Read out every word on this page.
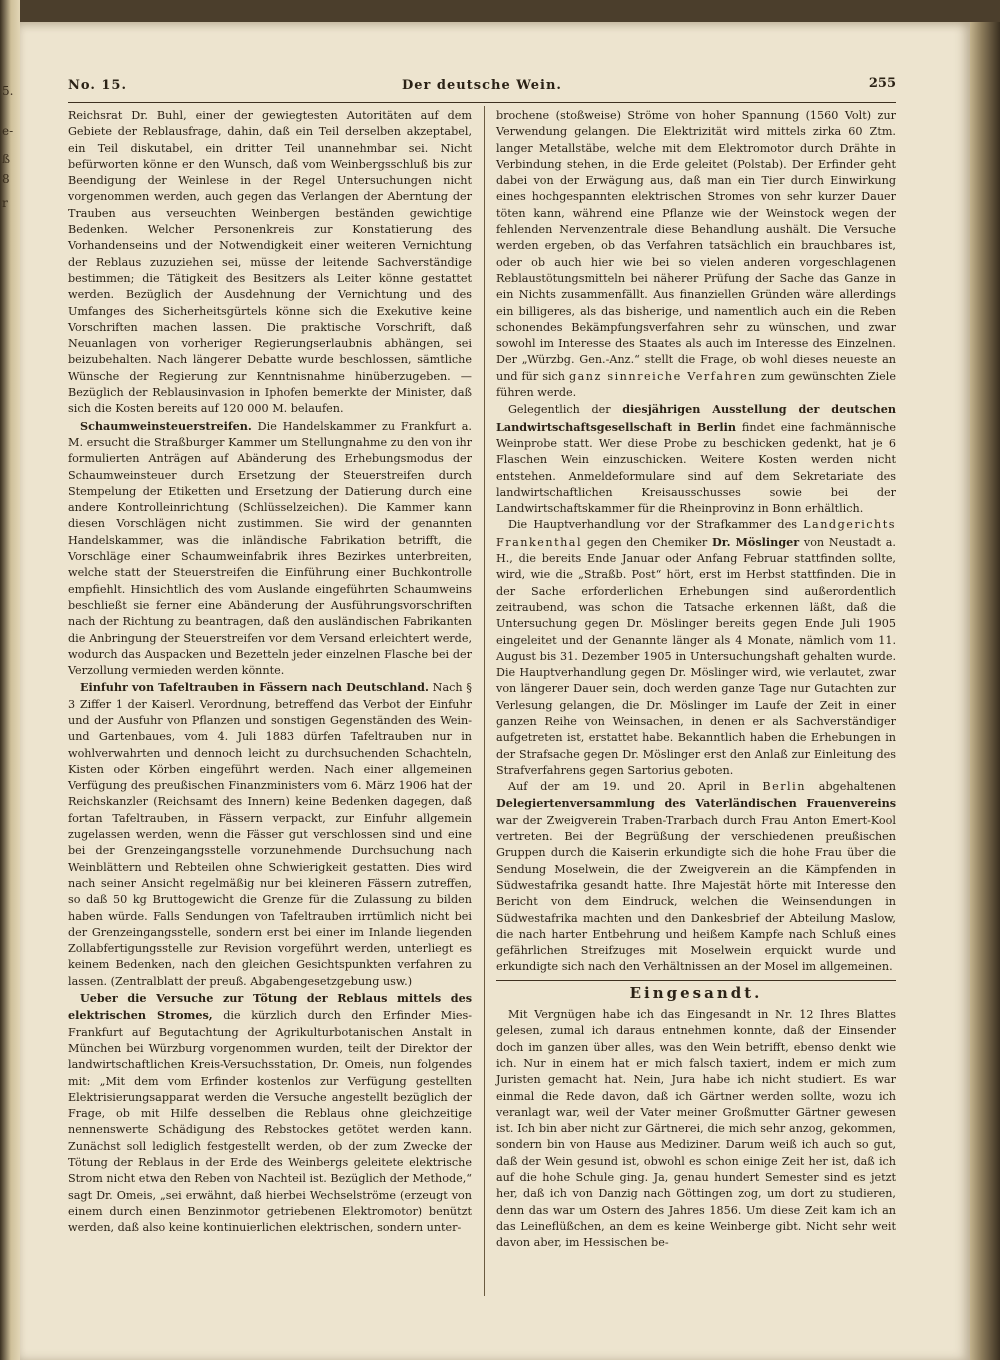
5.
e-
ß
8
r
No. 15.	Der deutsche Wein.	255

Reichsrat Dr. Buhl, einer der gewiegtesten Autoritäten auf dem Gebiete der Reblausfrage, dahin, daß ein Teil derselben akzeptabel, ein Teil diskutabel, ein dritter Teil unannehmbar sei. Nicht befürworten könne er den Wunsch, daß vom Weinbergsschluß bis zur Beendigung der Weinlese in der Regel Untersuchungen nicht vorgenommen werden, auch gegen das Verlangen der Aberntung der Trauben aus verseuchten Weinbergen beständen gewichtige Bedenken. Welcher Personenkreis zur Konstatierung des Vorhandenseins und der Notwendigkeit einer weiteren Vernichtung der Reblaus zuzuziehen sei, müsse der leitende Sachverständige bestimmen; die Tätigkeit des Besitzers als Leiter könne gestattet werden. Bezüglich der Ausdehnung der Vernichtung und des Umfanges des Sicherheitsgürtels könne sich die Exekutive keine Vorschriften machen lassen. Die praktische Vorschrift, daß Neuanlagen von vorheriger Regierungserlaubnis abhängen, sei beizubehalten. Nach längerer Debatte wurde beschlossen, sämtliche Wünsche der Regierung zur Kenntnisnahme hinüberzugeben. — Bezüglich der Reblausinvasion in Iphofen bemerkte der Minister, daß sich die Kosten bereits auf 120 000 M. belaufen.

Schaumweinsteuerstreifen. Die Handelskammer zu Frankfurt a. M. ersucht die Straßburger Kammer um Stellungnahme zu den von ihr formulierten Anträgen auf Abänderung des Erhebungsmodus der Schaumweinsteuer durch Ersetzung der Steuerstreifen durch Stempelung der Etiketten und Ersetzung der Datierung durch eine andere Kontrolleinrichtung (Schlüsselzeichen). Die Kammer kann diesen Vorschlägen nicht zustimmen. Sie wird der genannten Handelskammer, was die inländische Fabrikation betrifft, die Vorschläge einer Schaumweinfabrik ihres Bezirkes unterbreiten, welche statt der Steuerstreifen die Einführung einer Buchkontrolle empfiehlt. Hinsichtlich des vom Auslande eingeführten Schaumweins beschließt sie ferner eine Abänderung der Ausführungsvorschriften nach der Richtung zu beantragen, daß den ausländischen Fabrikanten die Anbringung der Steuerstreifen vor dem Versand erleichtert werde, wodurch das Auspacken und Bezetteln jeder einzelnen Flasche bei der Verzollung vermieden werden könnte.

Einfuhr von Tafeltrauben in Fässern nach Deutschland. Nach § 3 Ziffer 1 der Kaiserl. Verordnung, betreffend das Verbot der Einfuhr und der Ausfuhr von Pflanzen und sonstigen Gegenständen des Wein- und Gartenbaues, vom 4. Juli 1883 dürfen Tafeltrauben nur in wohlverwahrten und dennoch leicht zu durchsuchenden Schachteln, Kisten oder Körben eingeführt werden. Nach einer allgemeinen Verfügung des preußischen Finanzministers vom 6. März 1906 hat der Reichskanzler (Reichsamt des Innern) keine Bedenken dagegen, daß fortan Tafeltrauben, in Fässern verpackt, zur Einfuhr allgemein zugelassen werden, wenn die Fässer gut verschlossen sind und eine bei der Grenzeingangsstelle vorzunehmende Durchsuchung nach Weinblättern und Rebteilen ohne Schwierigkeit gestatten. Dies wird nach seiner Ansicht regelmäßig nur bei kleineren Fässern zutreffen, so daß 50 kg Bruttogewicht die Grenze für die Zulassung zu bilden haben würde. Falls Sendungen von Tafeltrauben irrtümlich nicht bei der Grenzeingangsstelle, sondern erst bei einer im Inlande liegenden Zollabfertigungsstelle zur Revision vorgeführt werden, unterliegt es keinem Bedenken, nach den gleichen Gesichtspunkten verfahren zu lassen. (Zentralblatt der preuß. Abgabengesetzgebung usw.)

Ueber die Versuche zur Tötung der Reblaus mittels des elektrischen Stromes, die kürzlich durch den Erfinder Mies-Frankfurt auf Begutachtung der Agrikulturbotanischen Anstalt in München bei Würzburg vorgenommen wurden, teilt der Direktor der landwirtschaftlichen Kreis-Versuchsstation, Dr. Omeis, nun folgendes mit: „Mit dem vom Erfinder kostenlos zur Verfügung gestellten Elektrisierungsapparat werden die Versuche angestellt bezüglich der Frage, ob mit Hilfe desselben die Reblaus ohne gleichzeitige nennenswerte Schädigung des Rebstockes getötet werden kann. Zunächst soll lediglich festgestellt werden, ob der zum Zwecke der Tötung der Reblaus in der Erde des Weinbergs geleitete elektrische Strom nicht etwa den Reben von Nachteil ist. Bezüglich der Methode,“ sagt Dr. Omeis, „sei erwähnt, daß hierbei Wechselströme (erzeugt von einem durch einen Benzinmotor getriebenen Elektromotor) benützt werden, daß also keine kontinuierlichen elektrischen, sondern unter-

brochene (stoßweise) Ströme von hoher Spannung (1560 Volt) zur Verwendung gelangen. Die Elektrizität wird mittels zirka 60 Ztm. langer Metallstäbe, welche mit dem Elektromotor durch Drähte in Verbindung stehen, in die Erde geleitet (Polstab). Der Erfinder geht dabei von der Erwägung aus, daß man ein Tier durch Einwirkung eines hochgespannten elektrischen Stromes von sehr kurzer Dauer töten kann, während eine Pflanze wie der Weinstock wegen der fehlenden Nervenzentrale diese Behandlung aushält. Die Versuche werden ergeben, ob das Verfahren tatsächlich ein brauchbares ist, oder ob auch hier wie bei so vielen anderen vorgeschlagenen Reblaustötungsmitteln bei näherer Prüfung der Sache das Ganze in ein Nichts zusammenfällt. Aus finanziellen Gründen wäre allerdings ein billigeres, als das bisherige, und namentlich auch ein die Reben schonendes Bekämpfungsverfahren sehr zu wünschen, und zwar sowohl im Interesse des Staates als auch im Interesse des Einzelnen. Der „Würzbg. Gen.-Anz.“ stellt die Frage, ob wohl dieses neueste an und für sich ganz sinnreiche Verfahren zum gewünschten Ziele führen werde.

Gelegentlich der diesjährigen Ausstellung der deutschen Landwirtschaftsgesellschaft in Berlin findet eine fachmännische Weinprobe statt. Wer diese Probe zu beschicken gedenkt, hat je 6 Flaschen Wein einzuschicken. Weitere Kosten werden nicht entstehen. Anmeldeformulare sind auf dem Sekretariate des landwirtschaftlichen Kreisausschusses sowie bei der Landwirtschaftskammer für die Rheinprovinz in Bonn erhältlich.

Die Hauptverhandlung vor der Strafkammer des Landgerichts Frankenthal gegen den Chemiker Dr. Möslinger von Neustadt a. H., die bereits Ende Januar oder Anfang Februar stattfinden sollte, wird, wie die „Straßb. Post“ hört, erst im Herbst stattfinden. Die in der Sache erforderlichen Erhebungen sind außerordentlich zeitraubend, was schon die Tatsache erkennen läßt, daß die Untersuchung gegen Dr. Möslinger bereits gegen Ende Juli 1905 eingeleitet und der Genannte länger als 4 Monate, nämlich vom 11. August bis 31. Dezember 1905 in Untersuchungshaft gehalten wurde. Die Hauptverhandlung gegen Dr. Möslinger wird, wie verlautet, zwar von längerer Dauer sein, doch werden ganze Tage nur Gutachten zur Verlesung gelangen, die Dr. Möslinger im Laufe der Zeit in einer ganzen Reihe von Weinsachen, in denen er als Sachverständiger aufgetreten ist, erstattet habe. Bekanntlich haben die Erhebungen in der Strafsache gegen Dr. Möslinger erst den Anlaß zur Einleitung des Strafverfahrens gegen Sartorius geboten.

Auf der am 19. und 20. April in Berlin abgehaltenen Delegiertenversammlung des Vaterländischen Frauenvereins war der Zweigverein Traben-Trarbach durch Frau Anton Emert-Kool vertreten. Bei der Begrüßung der verschiedenen preußischen Gruppen durch die Kaiserin erkundigte sich die hohe Frau über die Sendung Moselwein, die der Zweigverein an die Kämpfenden in Südwestafrika gesandt hatte. Ihre Majestät hörte mit Interesse den Bericht von dem Eindruck, welchen die Weinsendungen in Südwestafrika machten und den Dankesbrief der Abteilung Maslow, die nach harter Entbehrung und heißem Kampfe nach Schluß eines gefährlichen Streifzuges mit Moselwein erquickt wurde und erkundigte sich nach den Verhältnissen an der Mosel im allgemeinen.

Eingesandt.

Mit Vergnügen habe ich das Eingesandt in Nr. 12 Ihres Blattes gelesen, zumal ich daraus entnehmen konnte, daß der Einsender doch im ganzen über alles, was den Wein betrifft, ebenso denkt wie ich. Nur in einem hat er mich falsch taxiert, indem er mich zum Juristen gemacht hat. Nein, Jura habe ich nicht studiert. Es war einmal die Rede davon, daß ich Gärtner werden sollte, wozu ich veranlagt war, weil der Vater meiner Großmutter Gärtner gewesen ist. Ich bin aber nicht zur Gärtnerei, die mich sehr anzog, gekommen, sondern bin von Hause aus Mediziner. Darum weiß ich auch so gut, daß der Wein gesund ist, obwohl es schon einige Zeit her ist, daß ich auf die hohe Schule ging. Ja, genau hundert Semester sind es jetzt her, daß ich von Danzig nach Göttingen zog, um dort zu studieren, denn das war um Ostern des Jahres 1856. Um diese Zeit kam ich an das Leineflüßchen, an dem es keine Weinberge gibt. Nicht sehr weit davon aber, im Hessischen be-
